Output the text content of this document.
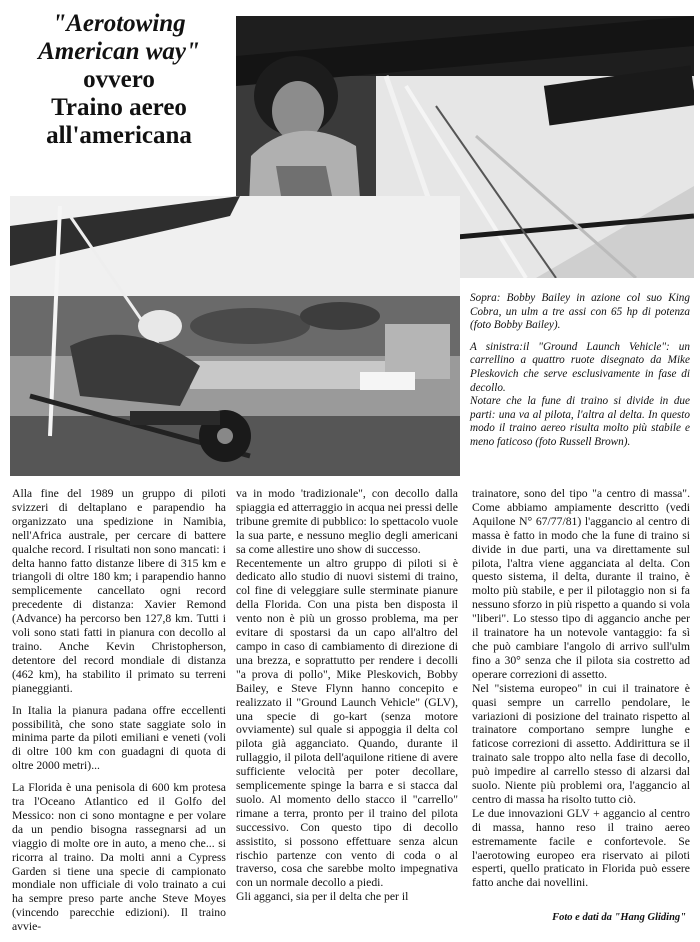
"Aerotowing
American way"
ovvero
Traino aereo
all'americana

Sopra: Bobby Bailey in azione col suo King Cobra, un ulm a tre assi con 65 hp di potenza (foto Bobby Bailey).

A sinistra:il "Ground Launch Vehicle": un carrellino a quattro ruote disegnato da Mike Pleskovich che serve esclusivamente in fase di decollo.

Notare che la fune di traino si divide in due parti: una va al pilota, l'altra al delta. In questo modo il traino aereo risulta molto più stabile e meno faticoso (foto Russell Brown).

Alla fine del 1989 un gruppo di piloti svizzeri di deltaplano e parapendio ha organizzato una spedizione in Namibia, nell'Africa australe, per cercare di battere qualche record. I risultati non sono mancati: i delta hanno fatto distanze libere di 315 km e triangoli di oltre 180 km; i parapendio hanno semplicemente cancellato ogni record precedente di distanza: Xavier Remond (Advance) ha percorso ben 127,8 km. Tutti i voli sono stati fatti in pianura con decollo al traino. Anche Kevin Christopherson, detentore del record mondiale di distanza (462 km), ha stabilito il primato su terreni pianeggianti.

In Italia la pianura padana offre eccellenti possibilità, che sono state saggiate solo in minima parte da piloti emiliani e veneti (voli di oltre 100 km con guadagni di quota di oltre 2000 metri)...

La Florida è una penisola di 600 km protesa tra l'Oceano Atlantico ed il Golfo del Messico: non ci sono montagne e per volare da un pendio bisogna rassegnarsi ad un viaggio di molte ore in auto, a meno che... si ricorra al traino. Da molti anni a Cypress Garden si tiene una specie di campionato mondiale non ufficiale di volo trainato a cui ha sempre preso parte anche Steve Moyes (vincendo parecchie edizioni). Il traino avvie-

va in modo 'tradizionale", con decollo dalla spiaggia ed atterraggio in acqua nei pressi delle tribune gremite di pubblico: lo spettacolo vuole la sua parte, e nessuno meglio degli americani sa come allestire uno show di successo.

Recentemente un altro gruppo di piloti si è dedicato allo studio di nuovi sistemi di traino, col fine di veleggiare sulle sterminate pianure della Florida. Con una pista ben disposta il vento non è più un grosso problema, ma per evitare di spostarsi da un capo all'altro del campo in caso di cambiamento di direzione di una brezza, e soprattutto per rendere i decolli "a prova di pollo", Mike Pleskovich, Bobby Bailey, e Steve Flynn hanno concepito e realizzato il "Ground Launch Vehicle" (GLV), una specie di go-kart (senza motore ovviamente) sul quale si appoggia il delta col pilota già agganciato. Quando, durante il rullaggio, il pilota dell'aquilone ritiene di avere sufficiente velocità per poter decollare, semplicemente spinge la barra e si stacca dal suolo. Al momento dello stacco il "carrello" rimane a terra, pronto per il traino del pilota successivo. Con questo tipo di decollo assistito, si possono effettuare senza alcun rischio partenze con vento di coda o al traverso, cosa che sarebbe molto impegnativa con un normale decollo a piedi.

Gli agganci, sia per il delta che per il

trainatore, sono del tipo "a centro di massa". Come abbiamo ampiamente descritto (vedi Aquilone N° 67/77/81) l'aggancio al centro di massa è fatto in modo che la fune di traino si divide in due parti, una va direttamente sul pilota, l'altra viene agganciata al delta. Con questo sistema, il delta, durante il traino, è molto più stabile, e per il pilotaggio non si fa nessuno sforzo in più rispetto a quando si vola "liberi". Lo stesso tipo di aggancio anche per il trainatore ha un notevole vantaggio: fa sì che può cambiare l'angolo di arrivo sull'ulm fino a 30° senza che il pilota sia costretto ad operare correzioni di assetto.

Nel "sistema europeo" in cui il trainatore è quasi sempre un carrello pendolare, le variazioni di posizione del trainato rispetto al trainatore comportano sempre lunghe e faticose correzioni di assetto. Addirittura se il trainato sale troppo alto nella fase di decollo, può impedire al carrello stesso di alzarsi dal suolo. Niente più problemi ora, l'aggancio al centro di massa ha risolto tutto ciò.

Le due innovazioni GLV + aggancio al centro di massa, hanno reso il traino aereo estremamente facile e confortevole. Se l'aerotowing europeo era riservato ai piloti esperti, quello praticato in Florida può essere fatto anche dai novellini.

Foto e dati da "Hang Gliding"
